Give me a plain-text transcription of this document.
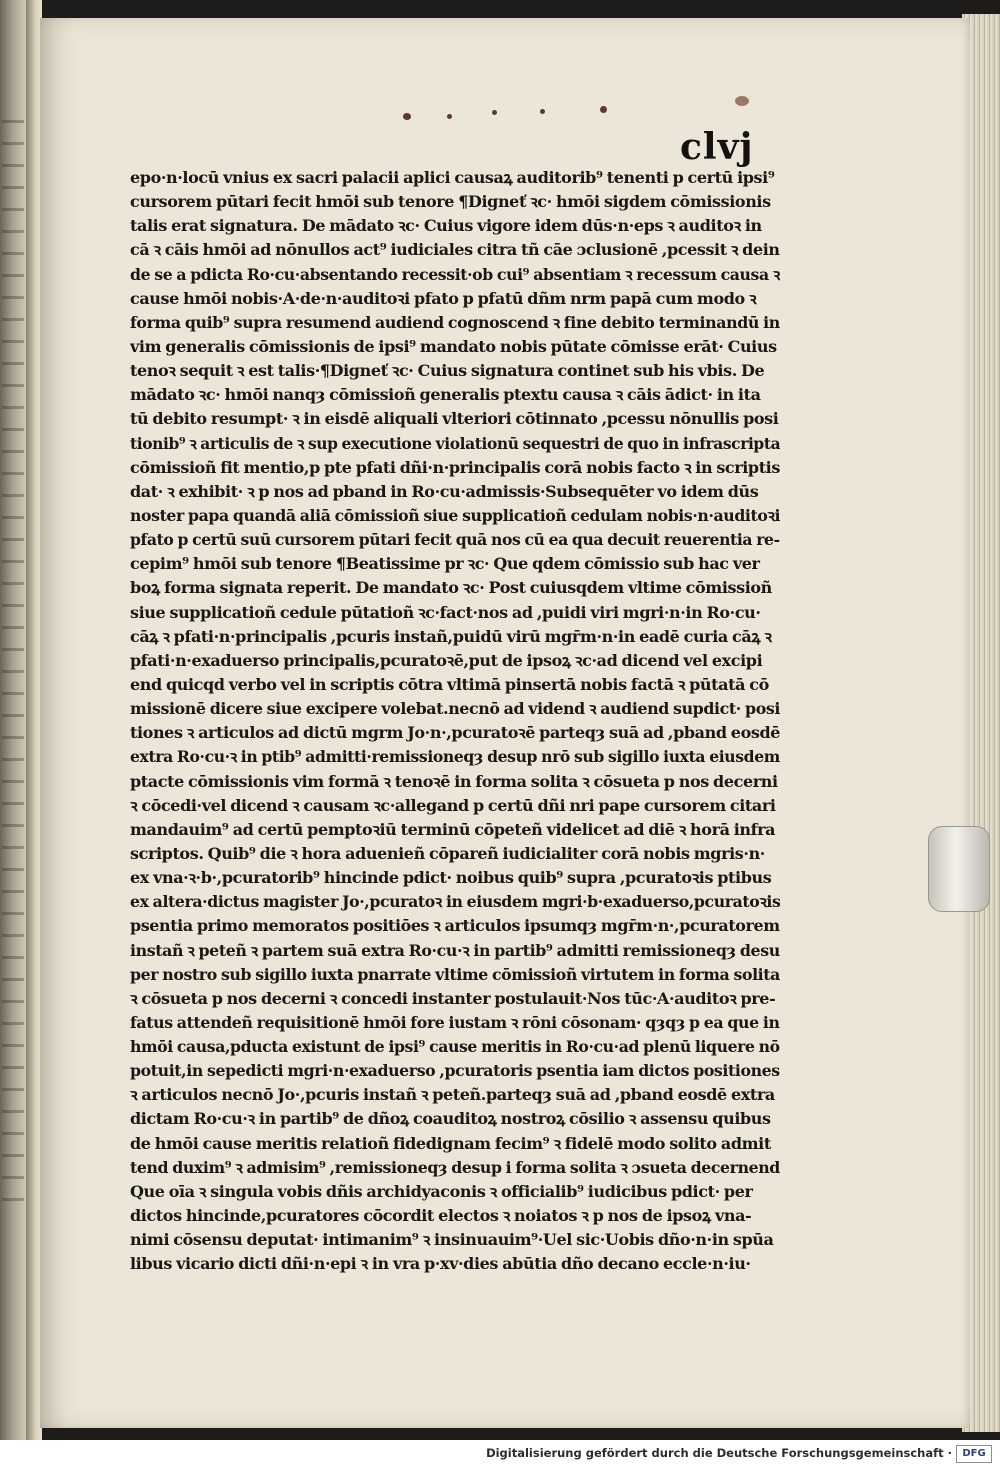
clvj
epo·n·locū vnius ex sacri palacii aplici causaꝝ auditorib⁹ tenenti p certū ipsi⁹
cursorem pūtari fecit hmōi sub tenore ¶Digneť ꝛc· hmōi sigdem cōmissionis
talis erat signatura. De mādato ꝛc· Cuius vigore idem dūs·n·eps ꝛ auditoꝛ in
cā ꝛ cāis hmōi ad nōnullos act⁹ iudiciales citra tñ cāe ɔclusionē ,pcessit ꝛ dein
de se a pdicta Ro·cu·absentando recessit·ob cui⁹ absentiam ꝛ recessum causa ꝛ
cause hmōi nobis·A·de·n·auditoꝛi pfato p pfatū dñm nrm papā cum modo ꝛ
forma quib⁹ supra resumend audiend cognoscend ꝛ fine debito terminandū in
vim generalis cōmissionis de ipsi⁹ mandato nobis pūtate cōmisse erāt· Cuius
tenoꝛ sequit ꝛ est talis·¶Digneť ꝛc· Cuius signatura continet sub his vbis. De
mādato ꝛc· hmōi nanqȝ cōmissioñ generalis ptextu causa ꝛ cāis ādict· in ita
tū debito resumpt· ꝛ in eisdē aliquali vlteriori cōtinnato ,pcessu nōnullis posi
tionib⁹ ꝛ articulis de ꝛ sup executione violationū sequestri de quo in infrascripta
cōmissioñ fit mentio,p pte pfati dñi·n·principalis corā nobis facto ꝛ in scriptis
dat· ꝛ exhibit· ꝛ p nos ad pband in Ro·cu·admissis·Subsequēter vo idem dūs
noster papa quandā aliā cōmissioñ siue supplicatioñ cedulam nobis·n·auditoꝛi
pfato p certū suū cursorem pūtari fecit quā nos cū ea qua decuit reuerentia re-
cepim⁹ hmōi sub tenore ¶Beatissime pr ꝛc· Que qdem cōmissio sub hac ver
boꝝ forma signata reperit. De mandato ꝛc· Post cuiusqdem vltime cōmissioñ
siue supplicatioñ cedule pūtatioñ ꝛc·fact·nos ad ,puidi viri mgri·n·in Ro·cu·
cāꝝ ꝛ pfati·n·principalis ,pcuris instañ,puidū virū mgr̄m·n·in eadē curia cāꝝ ꝛ
pfati·n·exaduerso principalis,pcuratoꝛē,put de ipsoꝝ ꝛc·ad dicend vel excipi
end quicqd verbo vel in scriptis cōtra vltimā pinsertā nobis factā ꝛ pūtatā cō
missionē dicere siue excipere volebat.necnō ad vidend ꝛ audiend supdict· posi
tiones ꝛ articulos ad dictū mgrm Jo·n·,pcuratoꝛē parteqȝ suā ad ,pband eosdē
extra Ro·cu·ꝛ in ptib⁹ admitti·remissioneqȝ desup nrō sub sigillo iuxta eiusdem
ptacte cōmissionis vim formā ꝛ tenoꝛē in forma solita ꝛ cōsueta p nos decerni
ꝛ cōcedi·vel dicend ꝛ causam ꝛc·allegand p certū dñi nri pape cursorem citari
mandauim⁹ ad certū pemptoꝛiū terminū cōpeteñ videlicet ad diē ꝛ horā infra
scriptos. Quib⁹ die ꝛ hora aduenieñ cōpareñ iudicialiter corā nobis mgris·n·
ex vna·ꝛ·b·,pcuratorib⁹ hincinde pdict· noibus quib⁹ supra ,pcuratoꝛis ptibus
ex altera·dictus magister Jo·,pcuratoꝛ in eiusdem mgri·b·exaduerso,pcuratoꝛis
psentia primo memoratos positiōes ꝛ articulos ipsumqȝ mgr̄m·n·,pcuratorem
instañ ꝛ peteñ ꝛ partem suā extra Ro·cu·ꝛ in partib⁹ admitti remissioneqȝ desu
per nostro sub sigillo iuxta pnarrate vltime cōmissioñ virtutem in forma solita
ꝛ cōsueta p nos decerni ꝛ concedi instanter postulauit·Nos tūc·A·auditoꝛ pre-
fatus attendeñ requisitionē hmōi fore iustam ꝛ rōni cōsonam· qȝqȝ p ea que in
hmōi causa,pducta existunt de ipsi⁹ cause meritis in Ro·cu·ad plenū liquere nō
potuit,in sepedicti mgri·n·exaduerso ,pcuratoris psentia iam dictos positiones
ꝛ articulos necnō Jo·,pcuris instañ ꝛ peteñ.parteqȝ suā ad ,pband eosdē extra
dictam Ro·cu·ꝛ in partib⁹ de dñoꝝ coauditoꝝ nostroꝝ cōsilio ꝛ assensu quibus
de hmōi cause meritis relatioñ fidedignam fecim⁹ ꝛ fidelē modo solito admit
tend duxim⁹ ꝛ admisim⁹ ,remissioneqȝ desup i forma solita ꝛ ɔsueta decernend
Que oīa ꝛ singula vobis dñis archidyaconis ꝛ officialib⁹ iudicibus pdict· per
dictos hincinde,pcuratores cōcordit electos ꝛ noiatos ꝛ p nos de ipsoꝝ vna-
nimi cōsensu deputat· intimanim⁹ ꝛ insinuauim⁹·Uel sic·Uobis dño·n·in spūa
libus vicario dicti dñi·n·epi ꝛ in vra p·xv·dies abūtia dño decano eccle·n·iu·
Digitalisierung gefördert durch die Deutsche Forschungsgemeinschaft ·	DFG
